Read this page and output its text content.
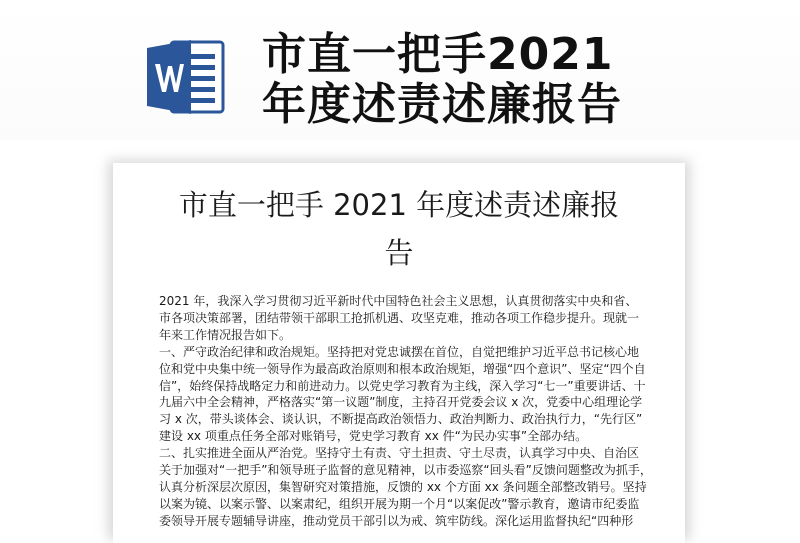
市直一把手2021
年度述责述廉报告
市直一把手 2021 年度述责述廉报
告
2021 年，我深入学习贯彻习近平新时代中国特色社会主义思想，认真贯彻落实中央和省、
市各项决策部署，团结带领干部职工抢抓机遇、攻坚克难，推动各项工作稳步提升。现就一
年来工作情况报告如下。
一、严守政治纪律和政治规矩。坚持把对党忠诚摆在首位，自觉把维护习近平总书记核心地
位和党中央集中统一领导作为最高政治原则和根本政治规矩，增强“四个意识”、坚定“四个自
信”，始终保持战略定力和前进动力。以党史学习教育为主线，深入学习“七一”重要讲话、十
九届六中全会精神，严格落实“第一议题”制度，主持召开党委会议 x 次，党委中心组理论学
习 x 次，带头谈体会、谈认识，不断提高政治领悟力、政治判断力、政治执行力，“先行区”
建设 xx 项重点任务全部对账销号，党史学习教育 xx 件“为民办实事”全部办结。
二、扎实推进全面从严治党。坚持守土有责、守土担责、守土尽责，认真学习中央、自治区
关于加强对“一把手”和领导班子监督的意见精神，以市委巡察“回头看”反馈问题整改为抓手，
认真分析深层次原因，集智研究对策措施，反馈的 xx 个方面 xx 条问题全部整改销号。坚持
以案为镜、以案示警、以案肃纪，组织开展为期一个月“以案促改”警示教育，邀请市纪委监
委领导开展专题辅导讲座，推动党员干部引以为戒、筑牢防线。深化运用监督执纪“四种形
